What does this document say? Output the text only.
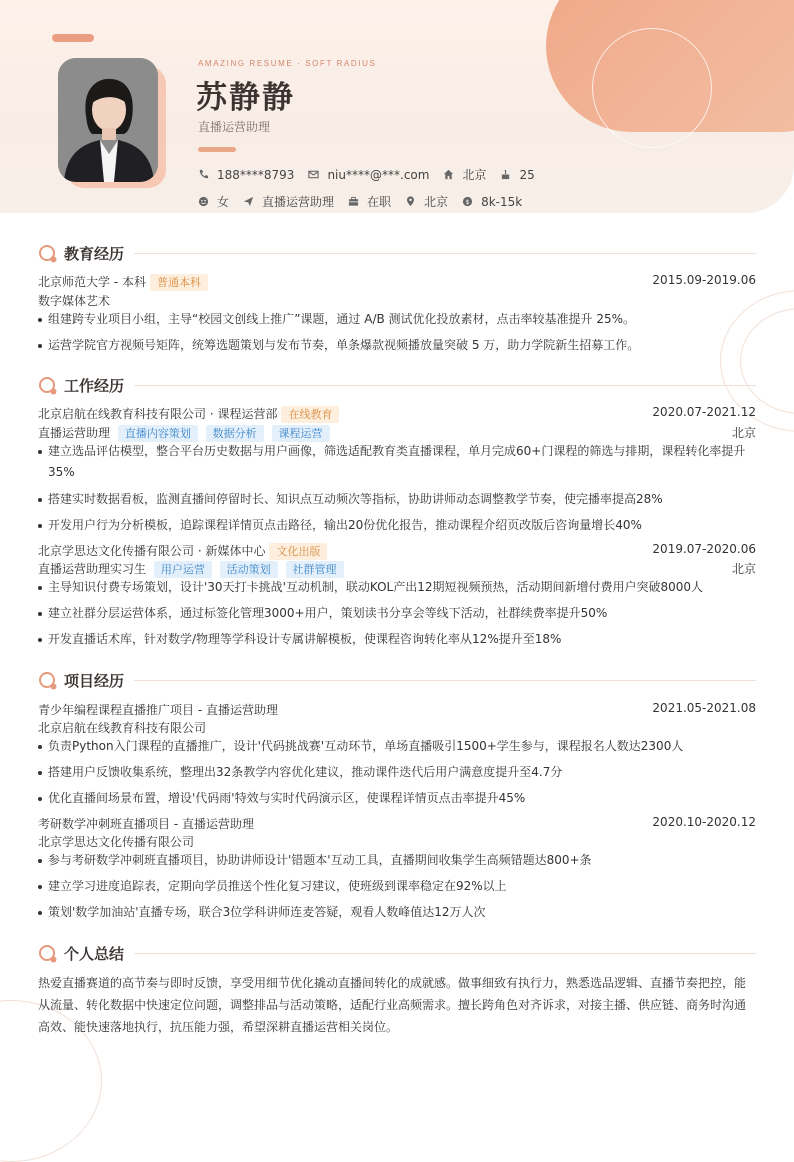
AMAZING RESUME · SOFT RADIUS
苏静静
直播运营助理
188****8793	niu****@***.com	北京	25
女	直播运营助理	在职	北京 $ 8k-15k
教育经历
北京师范大学 - 本科 普通本科	2015.09-2019.06
数字媒体艺术
组建跨专业项目小组，主导“校园文创线上推广”课题，通过 A/B 测试优化投放素材，点击率较基准提升 25%。
运营学院官方视频号矩阵，统筹选题策划与发布节奏，单条爆款视频播放量突破 5 万，助力学院新生招募工作。
工作经历
北京启航在线教育科技有限公司 · 课程运营部 在线教育	2020.07-2021.12
直播运营助理 直播内容策划 数据分析 课程运营	北京
建立选品评估模型，整合平台历史数据与用户画像，筛选适配教育类直播课程，单月完成60+门课程的筛选与排期，课程转化率提升
35%
搭建实时数据看板，监测直播间停留时长、知识点互动频次等指标，协助讲师动态调整教学节奏，使完播率提高28%
开发用户行为分析模板，追踪课程详情页点击路径，输出20份优化报告，推动课程介绍页改版后咨询量增长40%
北京学思达文化传播有限公司 · 新媒体中心 文化出版	2019.07-2020.06
直播运营助理实习生 用户运营 活动策划 社群管理	北京
主导知识付费专场策划，设计'30天打卡挑战'互动机制，联动KOL产出12期短视频预热，活动期间新增付费用户突破8000人
建立社群分层运营体系，通过标签化管理3000+用户，策划读书分享会等线下活动，社群续费率提升50%
开发直播话术库，针对数学/物理等学科设计专属讲解模板，使课程咨询转化率从12%提升至18%
项目经历
青少年编程课程直播推广项目 - 直播运营助理	2021.05-2021.08
北京启航在线教育科技有限公司
负责Python入门课程的直播推广，设计'代码挑战赛'互动环节，单场直播吸引1500+学生参与，课程报名人数达2300人
搭建用户反馈收集系统，整理出32条教学内容优化建议，推动课件迭代后用户满意度提升至4.7分
优化直播间场景布置，增设'代码雨'特效与实时代码演示区，使课程详情页点击率提升45%
考研数学冲刺班直播项目 - 直播运营助理	2020.10-2020.12
北京学思达文化传播有限公司
参与考研数学冲刺班直播项目，协助讲师设计'错题本'互动工具，直播期间收集学生高频错题达800+条
建立学习进度追踪表，定期向学员推送个性化复习建议，使班级到课率稳定在92%以上
策划'数学加油站'直播专场，联合3位学科讲师连麦答疑，观看人数峰值达12万人次
个人总结
热爱直播赛道的高节奏与即时反馈，享受用细节优化撬动直播间转化的成就感。做事细致有执行力，熟悉选品逻辑、直播节奏把控，能从流量、转化数据中快速定位问题，调整排品与活动策略，适配行业高频需求。擅长跨角色对齐诉求，对接主播、供应链、商务时沟通高效、能快速落地执行，抗压能力强，希望深耕直播运营相关岗位。
